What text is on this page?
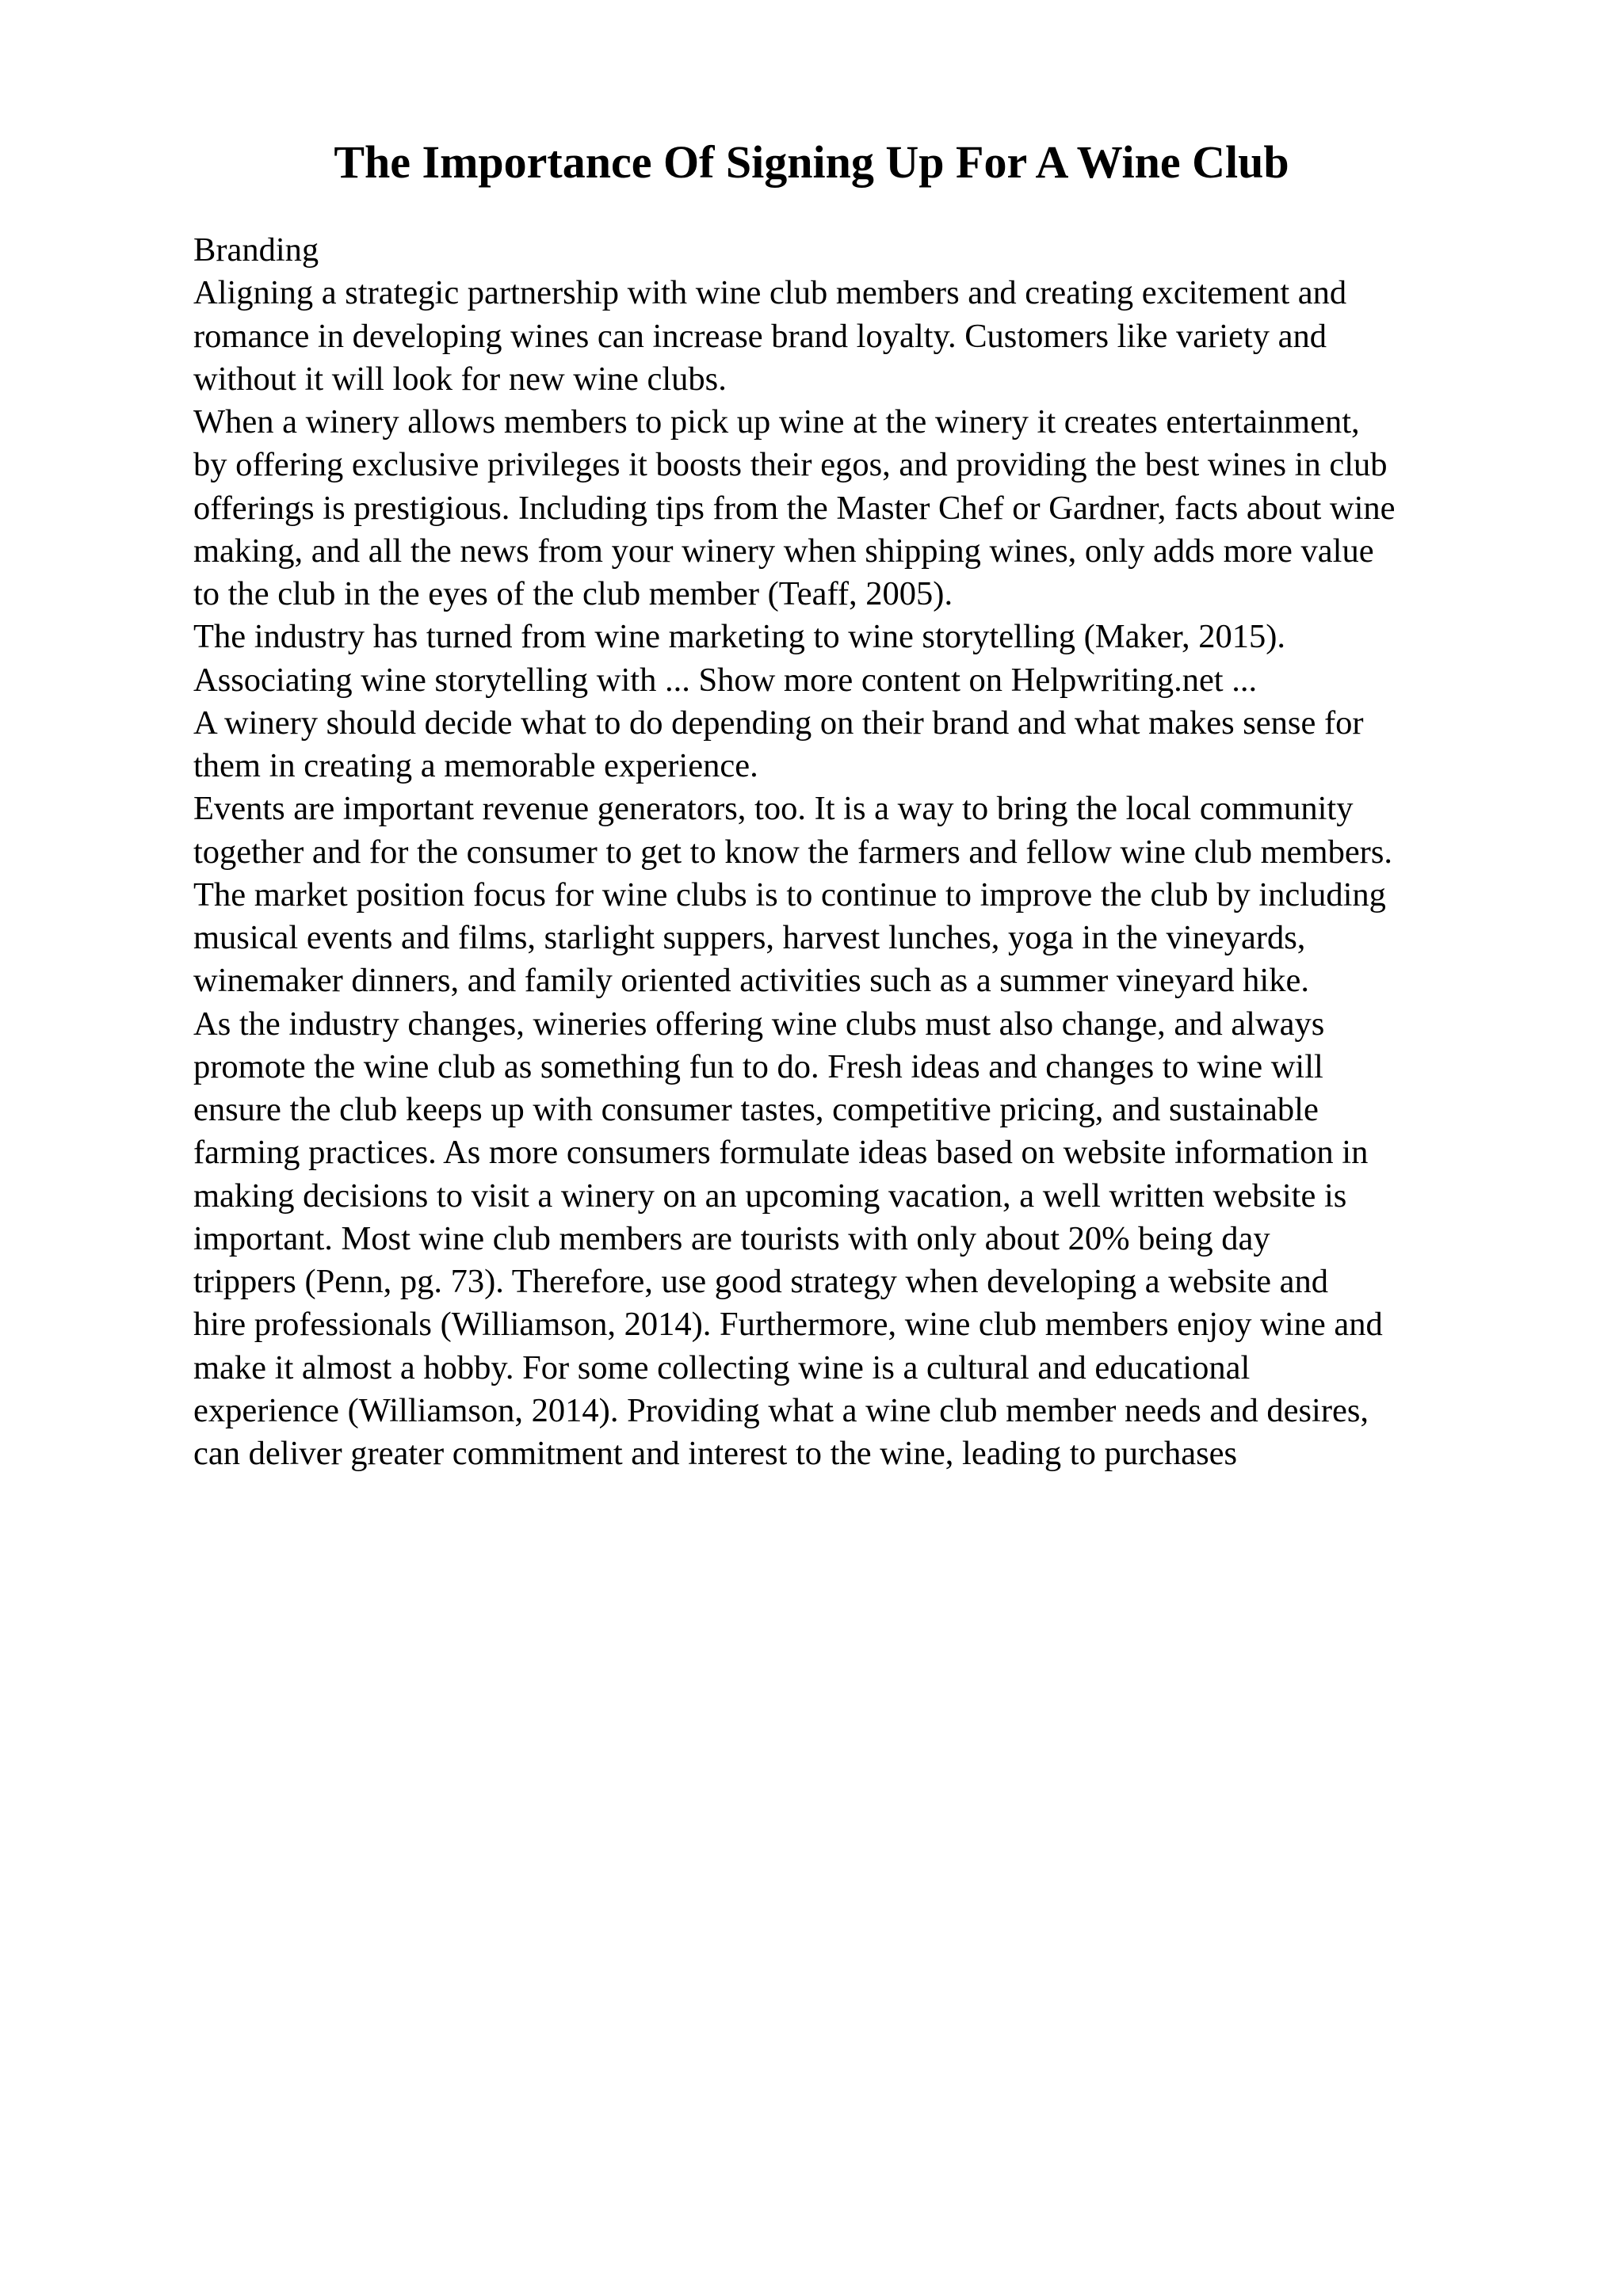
The Importance Of Signing Up For A Wine Club
Branding
Aligning a strategic partnership with wine club members and creating excitement and
romance in developing wines can increase brand loyalty. Customers like variety and
without it will look for new wine clubs.
When a winery allows members to pick up wine at the winery it creates entertainment,
by offering exclusive privileges it boosts their egos, and providing the best wines in club
offerings is prestigious. Including tips from the Master Chef or Gardner, facts about wine
making, and all the news from your winery when shipping wines, only adds more value
to the club in the eyes of the club member (Teaff, 2005).
The industry has turned from wine marketing to wine storytelling (Maker, 2015).
Associating wine storytelling with ... Show more content on Helpwriting.net ...
A winery should decide what to do depending on their brand and what makes sense for
them in creating a memorable experience.
Events are important revenue generators, too. It is a way to bring the local community
together and for the consumer to get to know the farmers and fellow wine club members.
The market position focus for wine clubs is to continue to improve the club by including
musical events and films, starlight suppers, harvest lunches, yoga in the vineyards,
winemaker dinners, and family oriented activities such as a summer vineyard hike.
As the industry changes, wineries offering wine clubs must also change, and always
promote the wine club as something fun to do. Fresh ideas and changes to wine will
ensure the club keeps up with consumer tastes, competitive pricing, and sustainable
farming practices. As more consumers formulate ideas based on website information in
making decisions to visit a winery on an upcoming vacation, a well written website is
important. Most wine club members are tourists with only about 20% being day
trippers (Penn, pg. 73). Therefore, use good strategy when developing a website and
hire professionals (Williamson, 2014). Furthermore, wine club members enjoy wine and
make it almost a hobby. For some collecting wine is a cultural and educational
experience (Williamson, 2014). Providing what a wine club member needs and desires,
can deliver greater commitment and interest to the wine, leading to purchases
